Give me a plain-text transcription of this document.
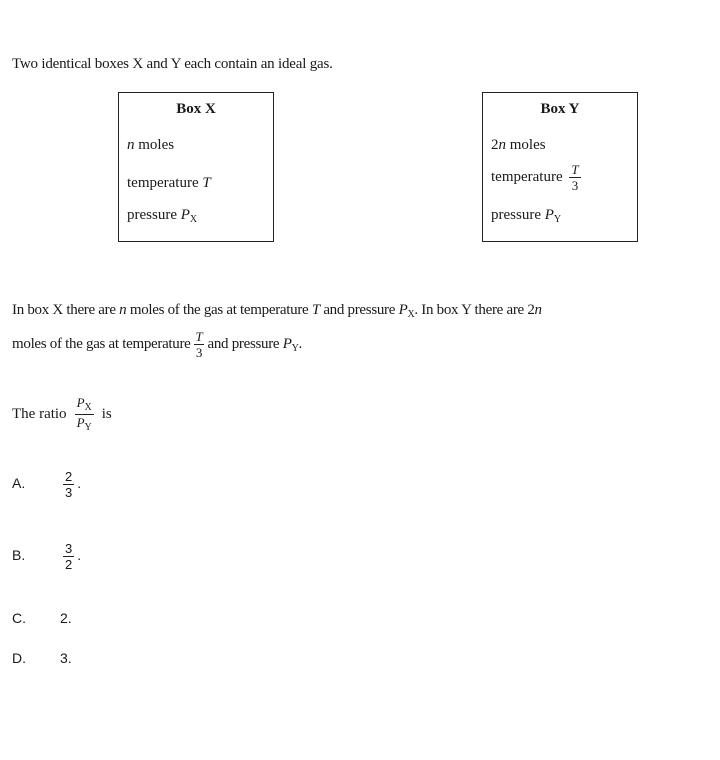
Two identical boxes X and Y each contain an ideal gas.
Box X
n moles
temperature T
pressure $P_X$
Box Y
2n moles
temperature $\frac{T}{3}$
pressure $P_Y$
In box X there are n moles of the gas at temperature T and pressure $P_X$. In box Y there are 2n
moles of the gas at temperature $\frac{T}{3}$ and pressure $P_Y$.
The ratio $\frac{P_X}{P_Y}$ is
A.	$\frac{2}{3}$ .
B.	$\frac{3}{2}$ .
C. 2.
D. 3.
